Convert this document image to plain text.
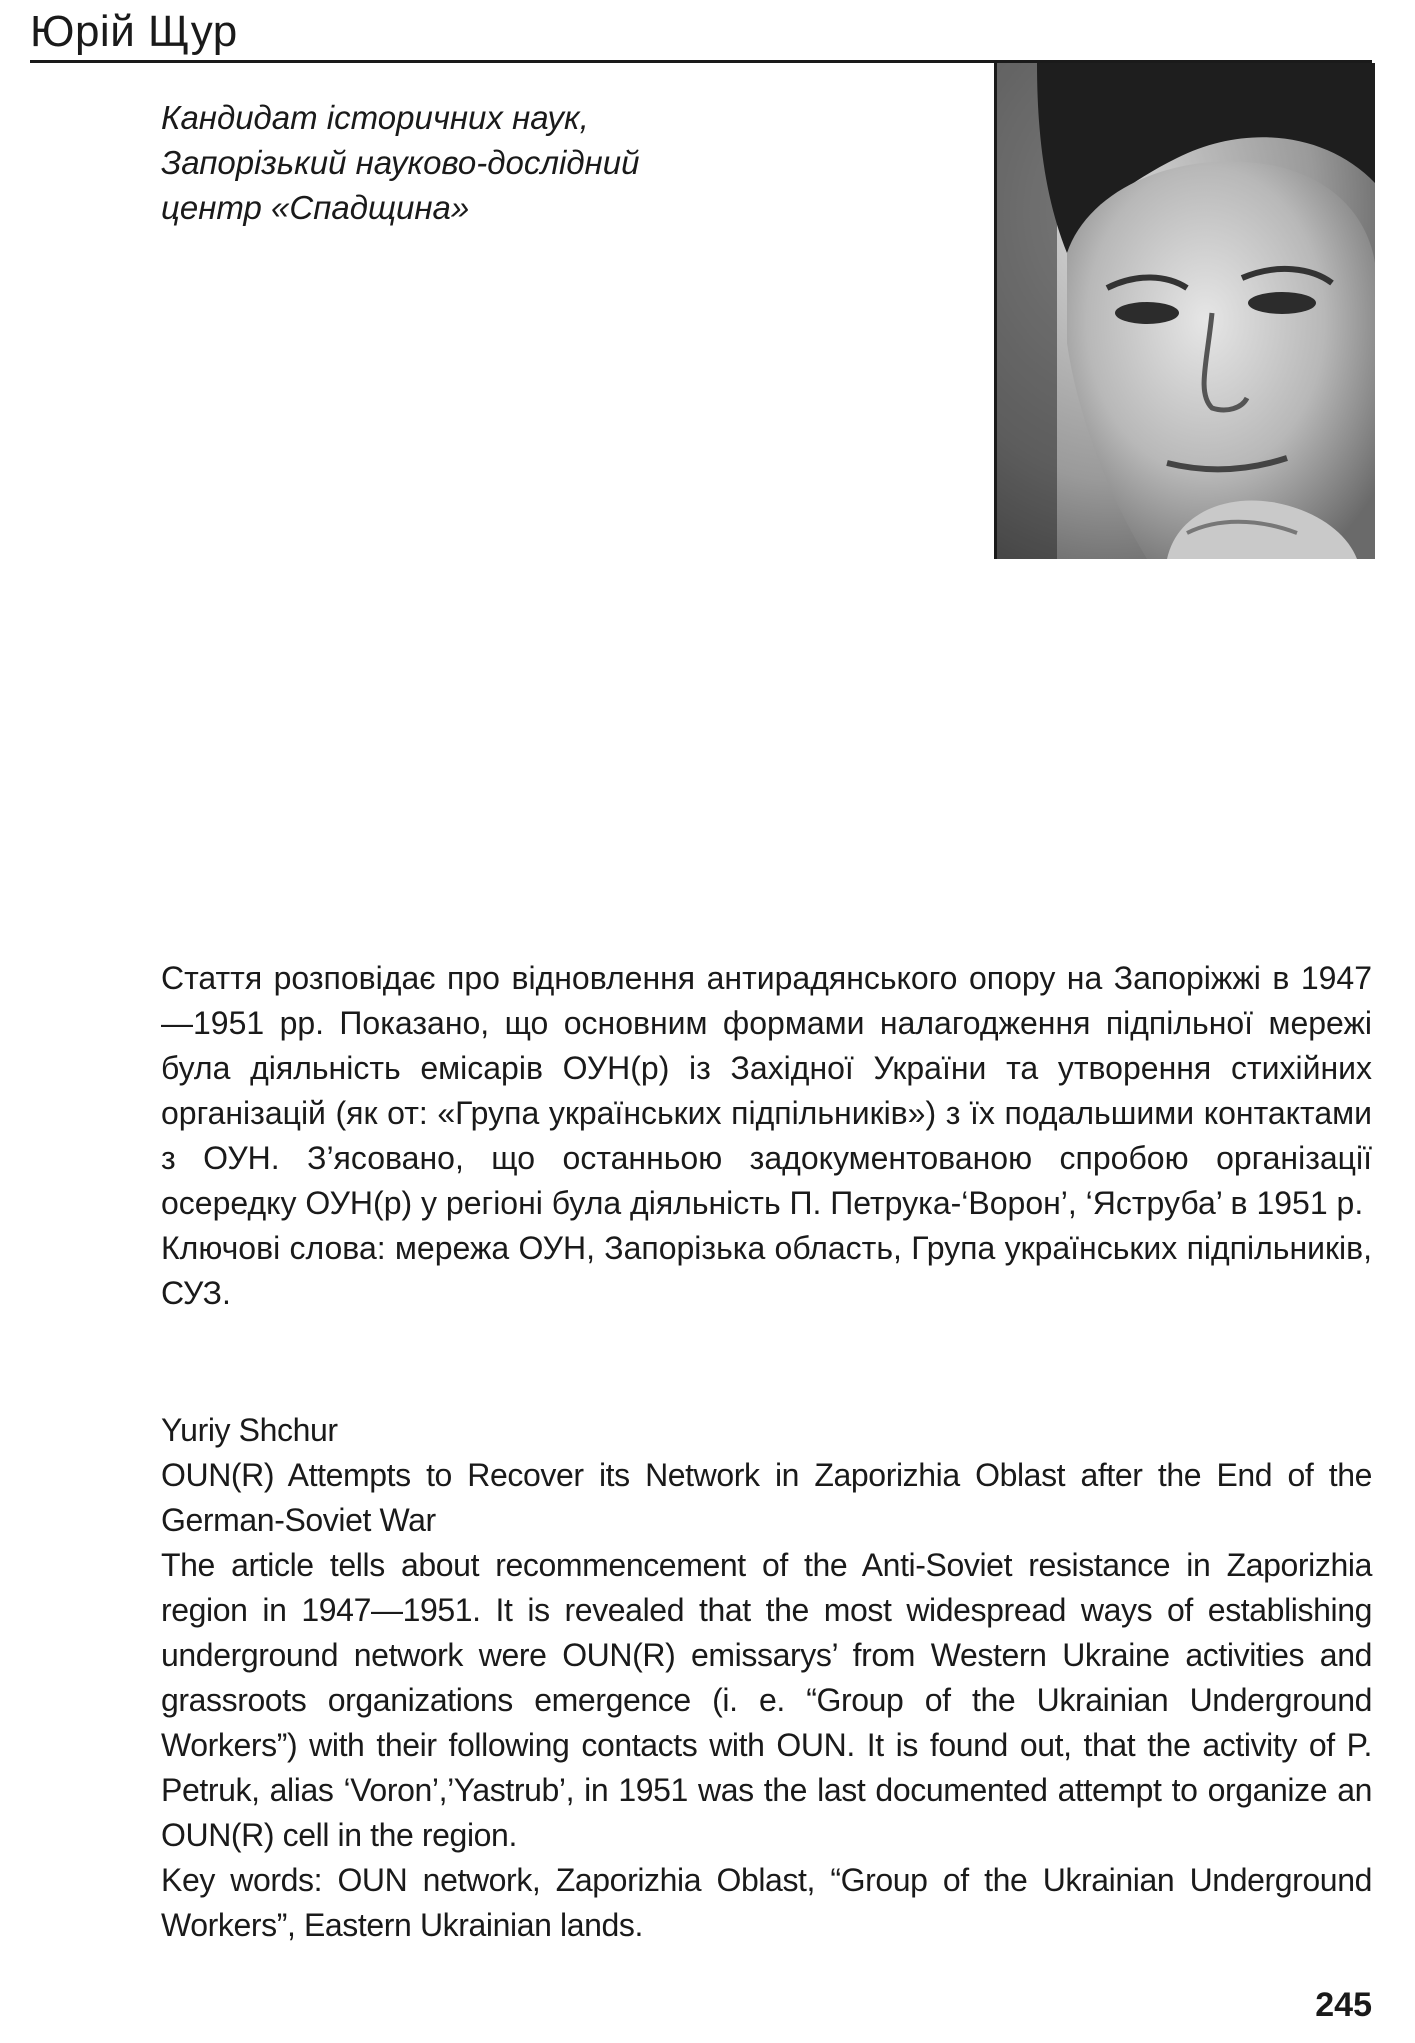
Юрій Щур
Кандидат історичних наук,
Запорізький науково-дослідний
центр «Спадщина»

Стаття розповідає про відновлення антирадянського опору на Запоріжжі в 1947—1951 рр. Показано, що основним формами налагодження підпільної мережі була діяльність емісарів ОУН(р) із Західної України та утворення стихійних організацій (як от: «Група українських підпільників») з їх подальшими контактами з ОУН. З’ясовано, що останньою задокументованою спробою організації осередку ОУН(р) у регіоні була діяльність П. Петрука-‘Ворон’, ‘Яструба’ в 1951 р.

Ключові слова: мережа ОУН, Запорізька область, Група українських підпільників, СУЗ.

Yuriy Shchur

OUN(R) Attempts to Recover its Network in Zaporizhia Oblast after the End of the German-Soviet War

The article tells about recommencement of the Anti-Soviet resistance in Zaporizhia region in 1947—1951. It is revealed that the most widespread ways of establishing underground network were OUN(R) emissarys’ from Western Ukraine activities and grassroots organizations emergence (i. e. “Group of the Ukrainian Underground Workers”) with their following contacts with OUN. It is found out, that the activity of P. Petruk, alias ‘Voron’,’Yastrub’, in 1951 was the last documented attempt to organize an OUN(R) cell in the region.

Key words: OUN network, Zaporizhia Oblast, “Group of the Ukrainian Underground Workers”, Eastern Ukrainian lands.

245
